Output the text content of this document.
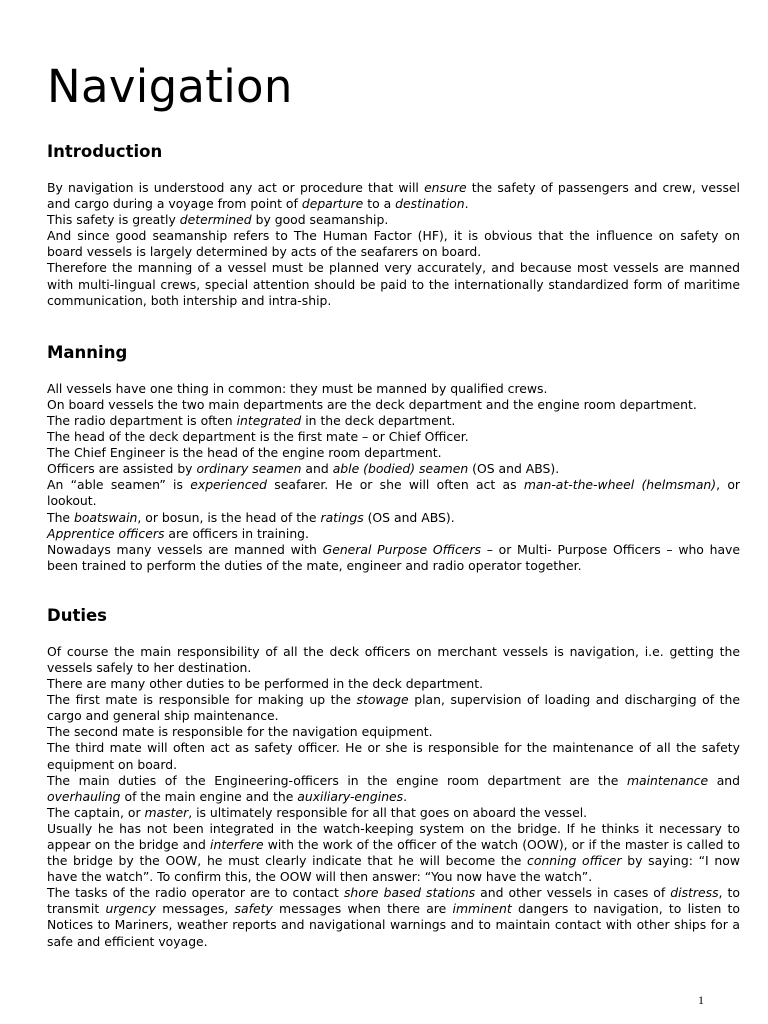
Navigation
Introduction

By navigation is understood any act or procedure that will ensure the safety of passengers and crew, vessel and cargo during a voyage from point of departure to a destination.

This safety is greatly determined by good seamanship.

And since good seamanship refers to The Human Factor (HF), it is obvious that the influence on safety on board vessels is largely determined by acts of the seafarers on board.

Therefore the manning of a vessel must be planned very accurately, and because most vessels are manned with multi-lingual crews, special attention should be paid to the internationally standardized form of maritime communication, both intership and intra-ship.

Manning

All vessels have one thing in common: they must be manned by qualified crews.

On board vessels the two main departments are the deck department and the engine room department.

The radio department is often integrated in the deck department.

The head of the deck department is the first mate – or Chief Officer.

The Chief Engineer is the head of the engine room department.

Officers are assisted by ordinary seamen and able (bodied) seamen (OS and ABS).

An “able seamen” is experienced seafarer. He or she will often act as man-at-the-wheel (helmsman), or lookout.

The boatswain, or bosun, is the head of the ratings (OS and ABS).

Apprentice officers are officers in training.

Nowadays many vessels are manned with General Purpose Officers – or Multi- Purpose Officers – who have been trained to perform the duties of the mate, engineer and radio operator together.

Duties

Of course the main responsibility of all the deck officers on merchant vessels is navigation, i.e. getting the vessels safely to her destination.

There are many other duties to be performed in the deck department.

The first mate is responsible for making up the stowage plan, supervision of loading and discharging of the cargo and general ship maintenance.

The second mate is responsible for the navigation equipment.

The third mate will often act as safety officer. He or she is responsible for the maintenance of all the safety equipment on board.

The main duties of the Engineering-officers in the engine room department are the maintenance and overhauling of the main engine and the auxiliary-engines.

The captain, or master, is ultimately responsible for all that goes on aboard the vessel.

Usually he has not been integrated in the watch-keeping system on the bridge. If he thinks it necessary to appear on the bridge and interfere with the work of the officer of the watch (OOW), or if the master is called to the bridge by the OOW, he must clearly indicate that he will become the conning officer by saying: “I now have the watch”. To confirm this, the OOW will then answer: “You now have the watch”.

The tasks of the radio operator are to contact shore based stations and other vessels in cases of distress, to transmit urgency messages, safety messages when there are imminent dangers to navigation, to listen to Notices to Mariners, weather reports and navigational warnings and to maintain contact with other ships for a safe and efficient voyage.

1
